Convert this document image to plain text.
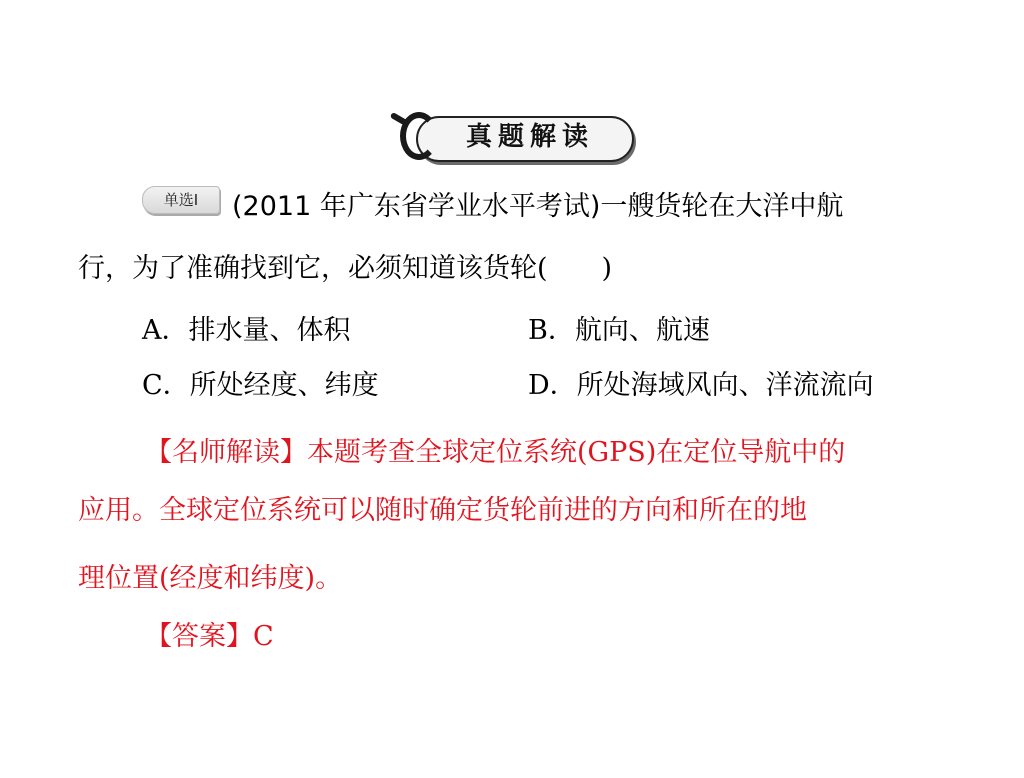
真题解读
单选Ⅰ	(2011 年广东省学业水平考试)一艘货轮在大洋中航
行，为了准确找到它，必须知道该货轮(　　)
A．排水量、体积	B．航向、航速
C．所处经度、纬度	D．所处海域风向、洋流流向
【名师解读】本题考查全球定位系统(GPS)在定位导航中的
应用。全球定位系统可以随时确定货轮前进的方向和所在的地
理位置(经度和纬度)。
【答案】C
